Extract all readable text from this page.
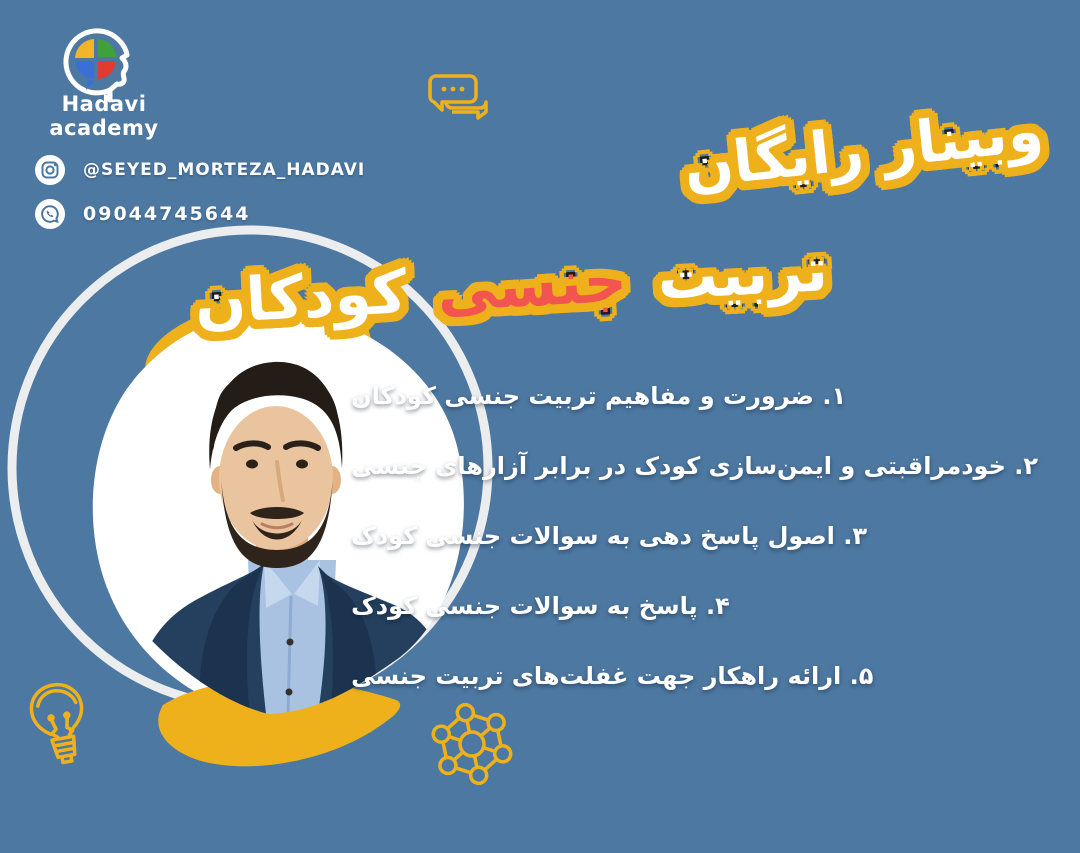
Hadavi academy
@SEYED_MORTEZA_HADAVI
09044745644
وبینار رایگان
تربیت جنسی کودکان
۱. ضرورت و مفاهیم تربیت جنسی کودکان
۲. خودمراقبتی و ایمن‌سازی کودک در برابر آزارهای جنسی
۳. اصول پاسخ دهی به سوالات جنسی کودک
۴. پاسخ به سوالات جنسی کودک
۵. ارائه راهکار جهت غفلت‌های تربیت جنسی
